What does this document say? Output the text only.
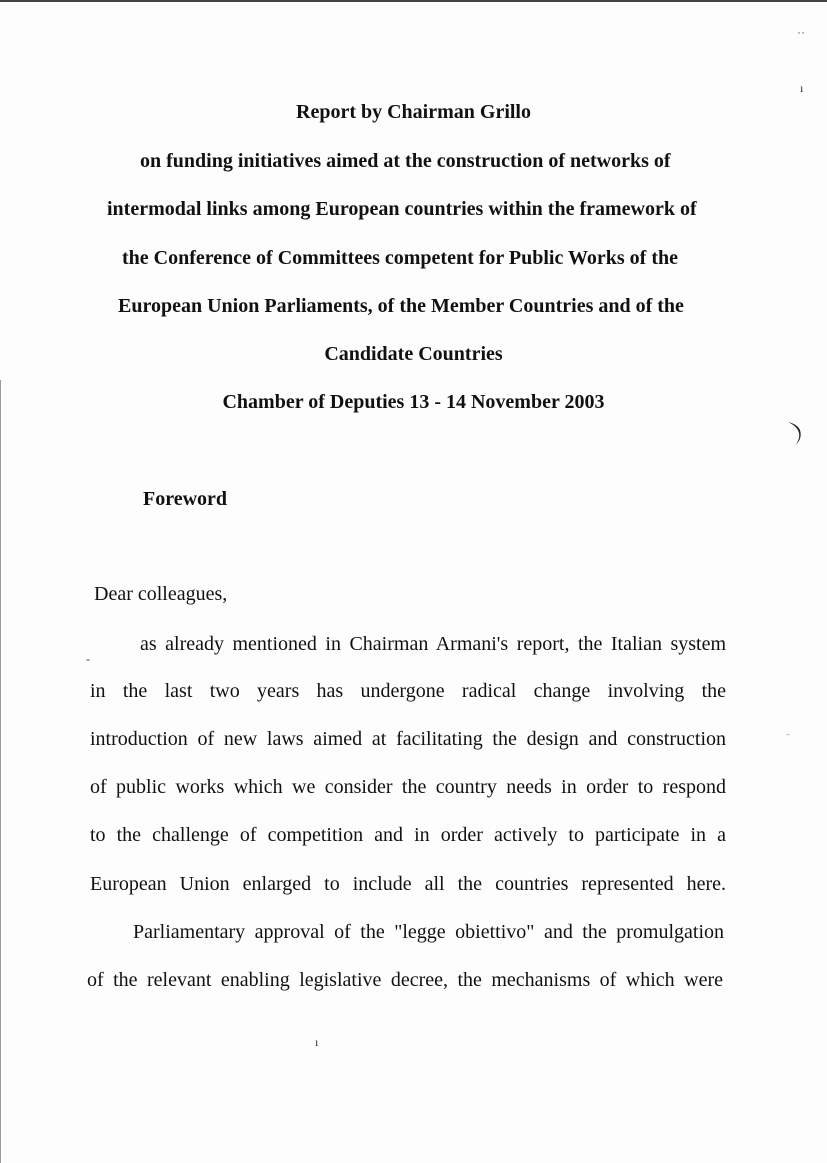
Report by Chairman Grillo
on funding initiatives aimed at the construction of networks of
intermodal links among European countries within the framework of
the Conference of Committees competent for Public Works of the
European Union Parliaments, of the Member Countries and of the
Candidate Countries
Chamber of Deputies 13 - 14 November 2003
Foreword
Dear colleagues,
as already mentioned in Chairman Armani's report, the Italian system
in the last two years has undergone radical change involving the
introduction of new laws aimed at facilitating the design and construction
of public works which we consider the country needs in order to respond
to the challenge of competition and in order actively to participate in a
European Union enlarged to include all the countries represented here.
Parliamentary approval of the "legge obiettivo" and the promulgation
of the relevant enabling legislative decree, the mechanisms of which were
˙˙
ı
-
ı
˗
